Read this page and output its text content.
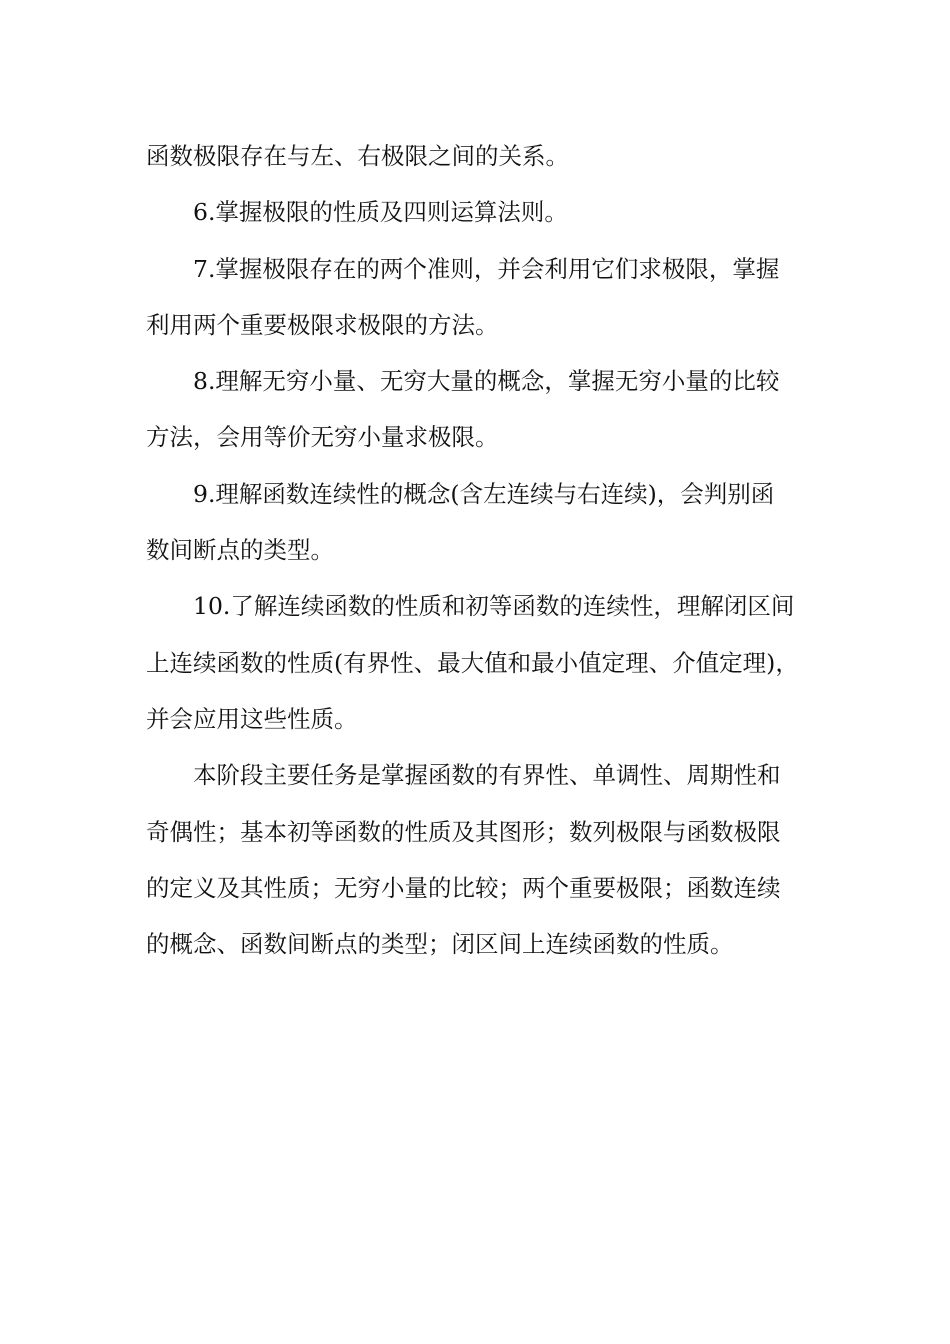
函数极限存在与左、右极限之间的关系。
6.掌握极限的性质及四则运算法则。
7.掌握极限存在的两个准则，并会利用它们求极限，掌握
利用两个重要极限求极限的方法。
8.理解无穷小量、无穷大量的概念，掌握无穷小量的比较
方法，会用等价无穷小量求极限。
9.理解函数连续性的概念(含左连续与右连续)，会判别函
数间断点的类型。
10.了解连续函数的性质和初等函数的连续性，理解闭区间
上连续函数的性质(有界性、最大值和最小值定理、介值定理)，
并会应用这些性质。
本阶段主要任务是掌握函数的有界性、单调性、周期性和
奇偶性；基本初等函数的性质及其图形；数列极限与函数极限
的定义及其性质；无穷小量的比较；两个重要极限；函数连续
的概念、函数间断点的类型；闭区间上连续函数的性质。
